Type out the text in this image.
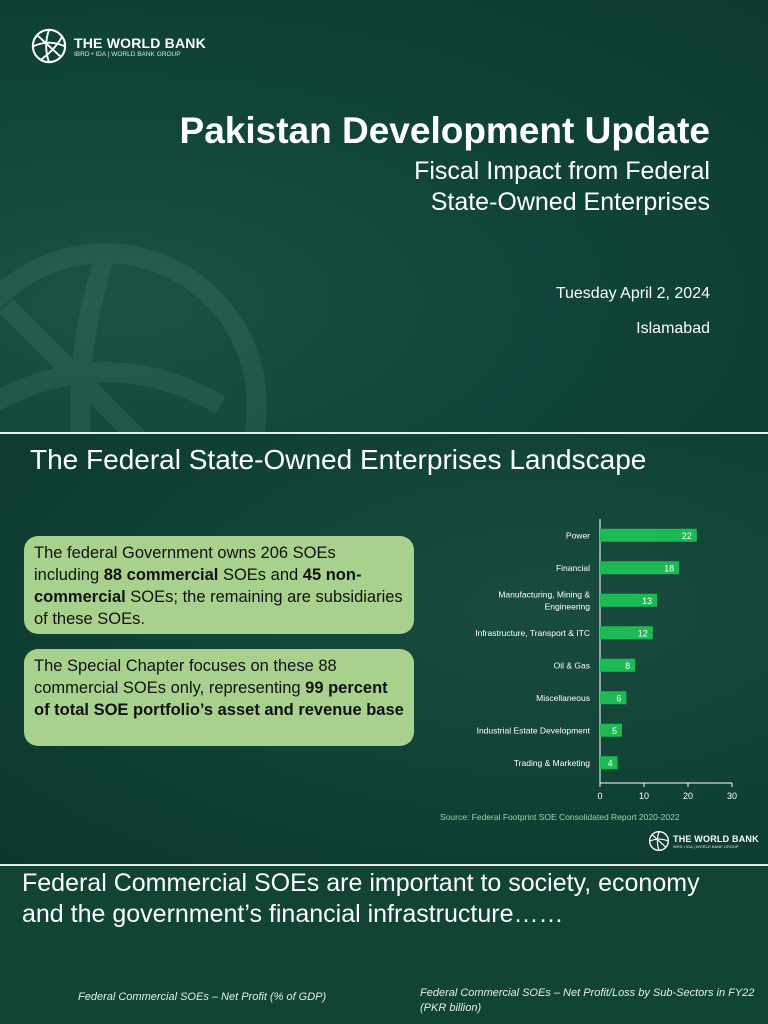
THE WORLD BANK
IBRD • IDA | WORLD BANK GROUP
Pakistan Development Update
Fiscal Impact from Federal
State-Owned Enterprises
Tuesday April 2, 2024
Islamabad
The Federal State-Owned Enterprises Landscape
The federal Government owns 206 SOEs including 88 commercial SOEs and 45 non-commercial SOEs; the remaining are subsidiaries of these SOEs.
The Special Chapter focuses on these 88 commercial SOEs only, representing 99 percent of total SOE portfolio’s asset and revenue base
22
Power
18
Financial
13
Manufacturing, Mining &
Engineering
12
Infrastructure, Transport & ITC
8
Oil & Gas
6
Miscellaneous
5
Industrial Estate Development
4
Trading & Marketing
0	10	20	30
Source: Federal Footprint SOE Consolidated Report 2020-2022
THE WORLD BANK
IBRD • IDA | WORLD BANK GROUP
Federal Commercial SOEs are important to society, economy and the government’s financial infrastructure……
Federal Commercial SOEs – Net Profit (% of GDP)	Federal Commercial SOEs – Net Profit/Loss by Sub-Sectors in FY22 (PKR billion)
